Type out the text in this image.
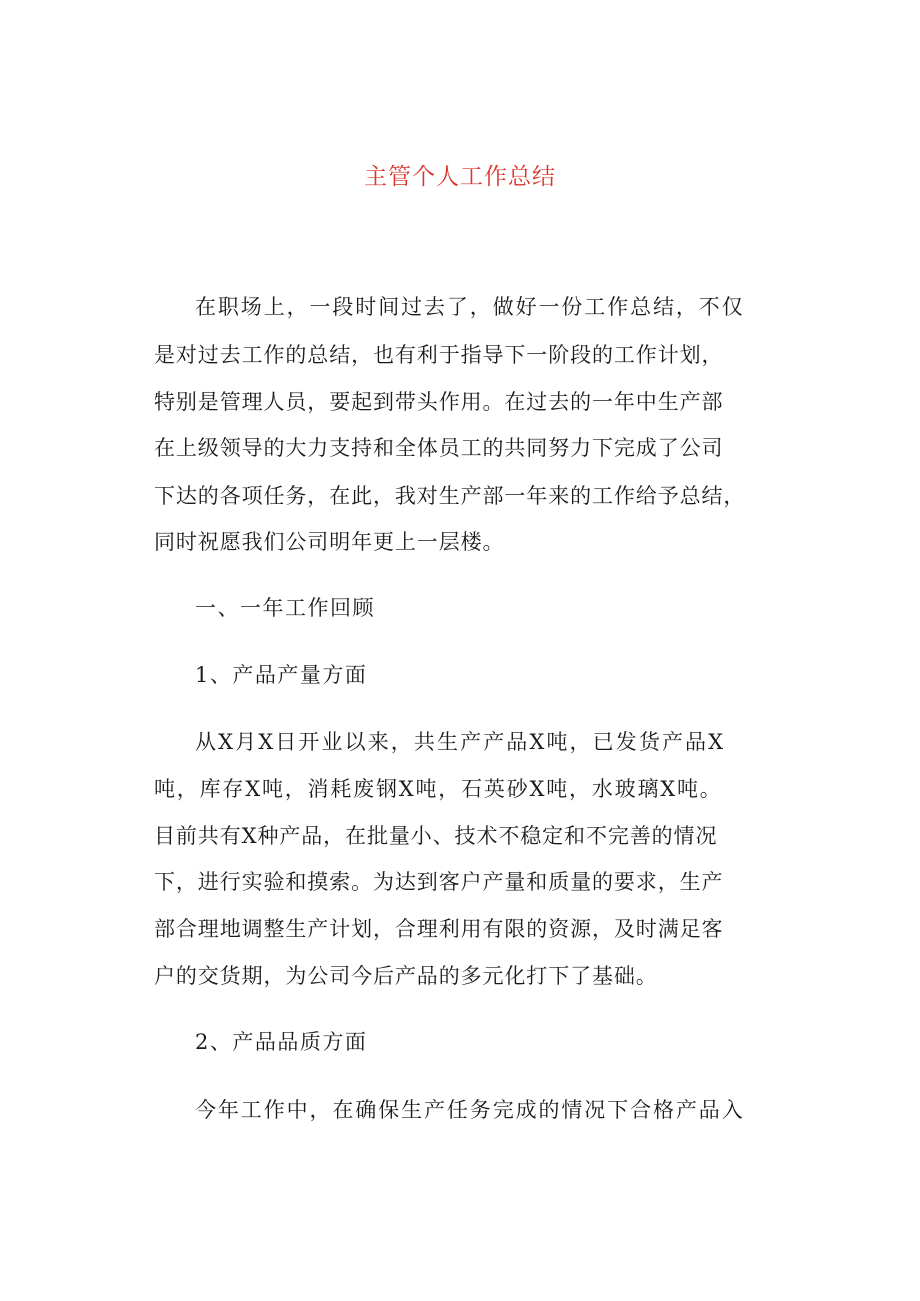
主管个人工作总结
在职场上，一段时间过去了，做好一份工作总结，不仅
是对过去工作的总结，也有利于指导下一阶段的工作计划，
特别是管理人员，要起到带头作用。在过去的一年中生产部
在上级领导的大力支持和全体员工的共同努力下完成了公司
下达的各项任务，在此，我对生产部一年来的工作给予总结，
同时祝愿我们公司明年更上一层楼。
一、一年工作回顾
1、产品产量方面
从X月X日开业以来，共生产产品X吨，已发货产品X
吨，库存X吨，消耗废钢X吨，石英砂X吨，水玻璃X吨。
目前共有X种产品，在批量小、技术不稳定和不完善的情况
下，进行实验和摸索。为达到客户产量和质量的要求，生产
部合理地调整生产计划，合理利用有限的资源，及时满足客
户的交货期，为公司今后产品的多元化打下了基础。
2、产品品质方面
今年工作中，在确保生产任务完成的情况下合格产品入
